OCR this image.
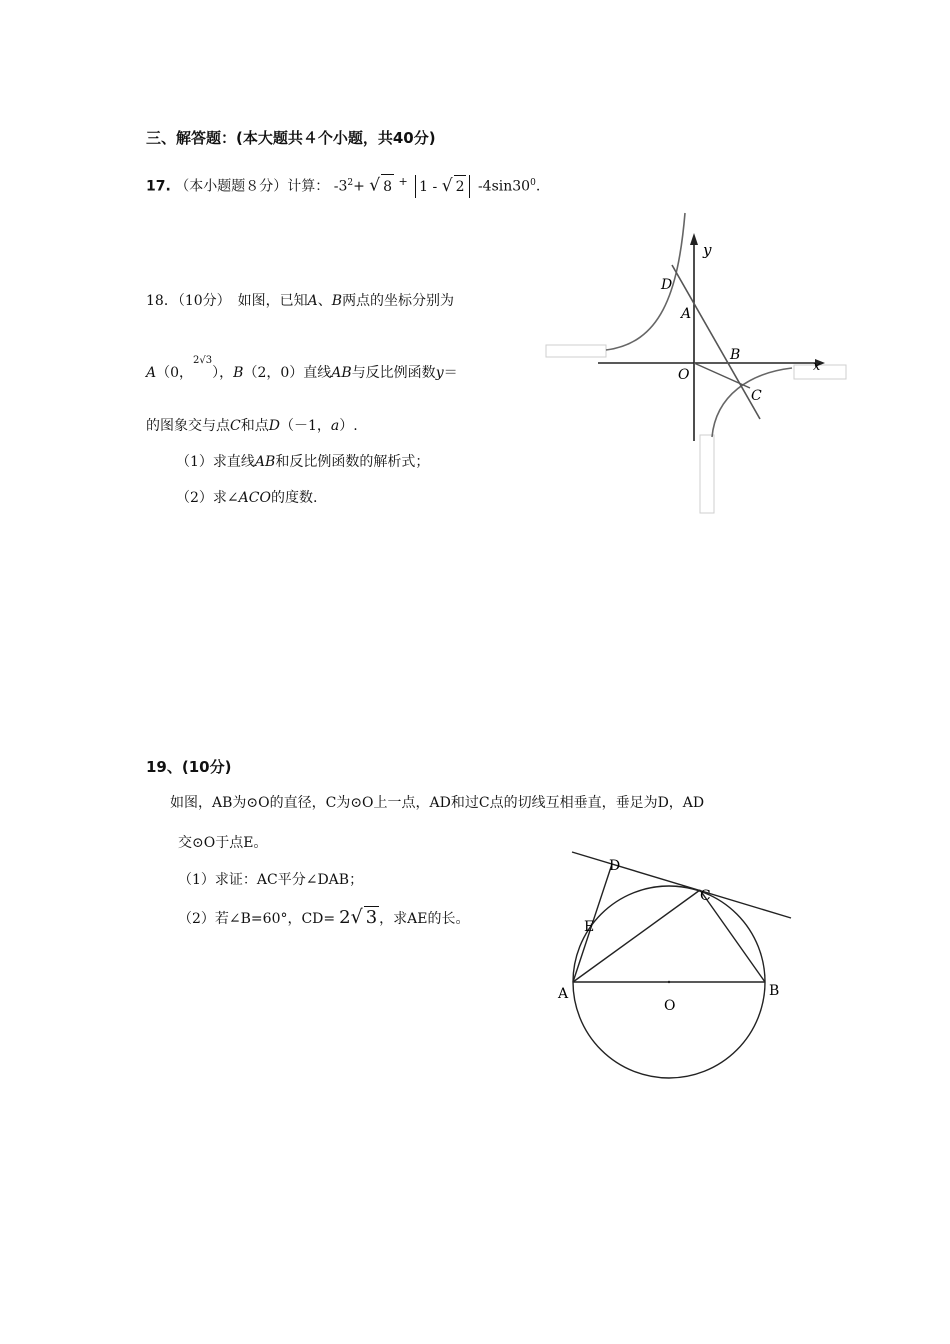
三、解答题：(本大题共４个小题，共40分)
17. （本小题题８分）计算： $-3^2+$ √ 8 + 1 - √ 2 $-4\sin 30^0$.
18．（10分）　如图，已知A、B两点的坐标分别为
A（0，$^{2√3}$），B（2，0）直线AB与反比例函数y＝
的图象交与点C和点D（－1，a）.
（1）求直线AB和反比例函数的解析式；
（2）求∠ACO的度数.
y
x
D
A
B
O
C
19、(10分)
如图，AB为⊙O的直径，C为⊙O上一点，AD和过C点的切线互相垂直，垂足为D，AD
交⊙O于点E。
（1）求证：AC平分∠DAB；
（2）若∠B=60°，CD= 2√ 3 ，求AE的长。
D
C
E
A	B
O
